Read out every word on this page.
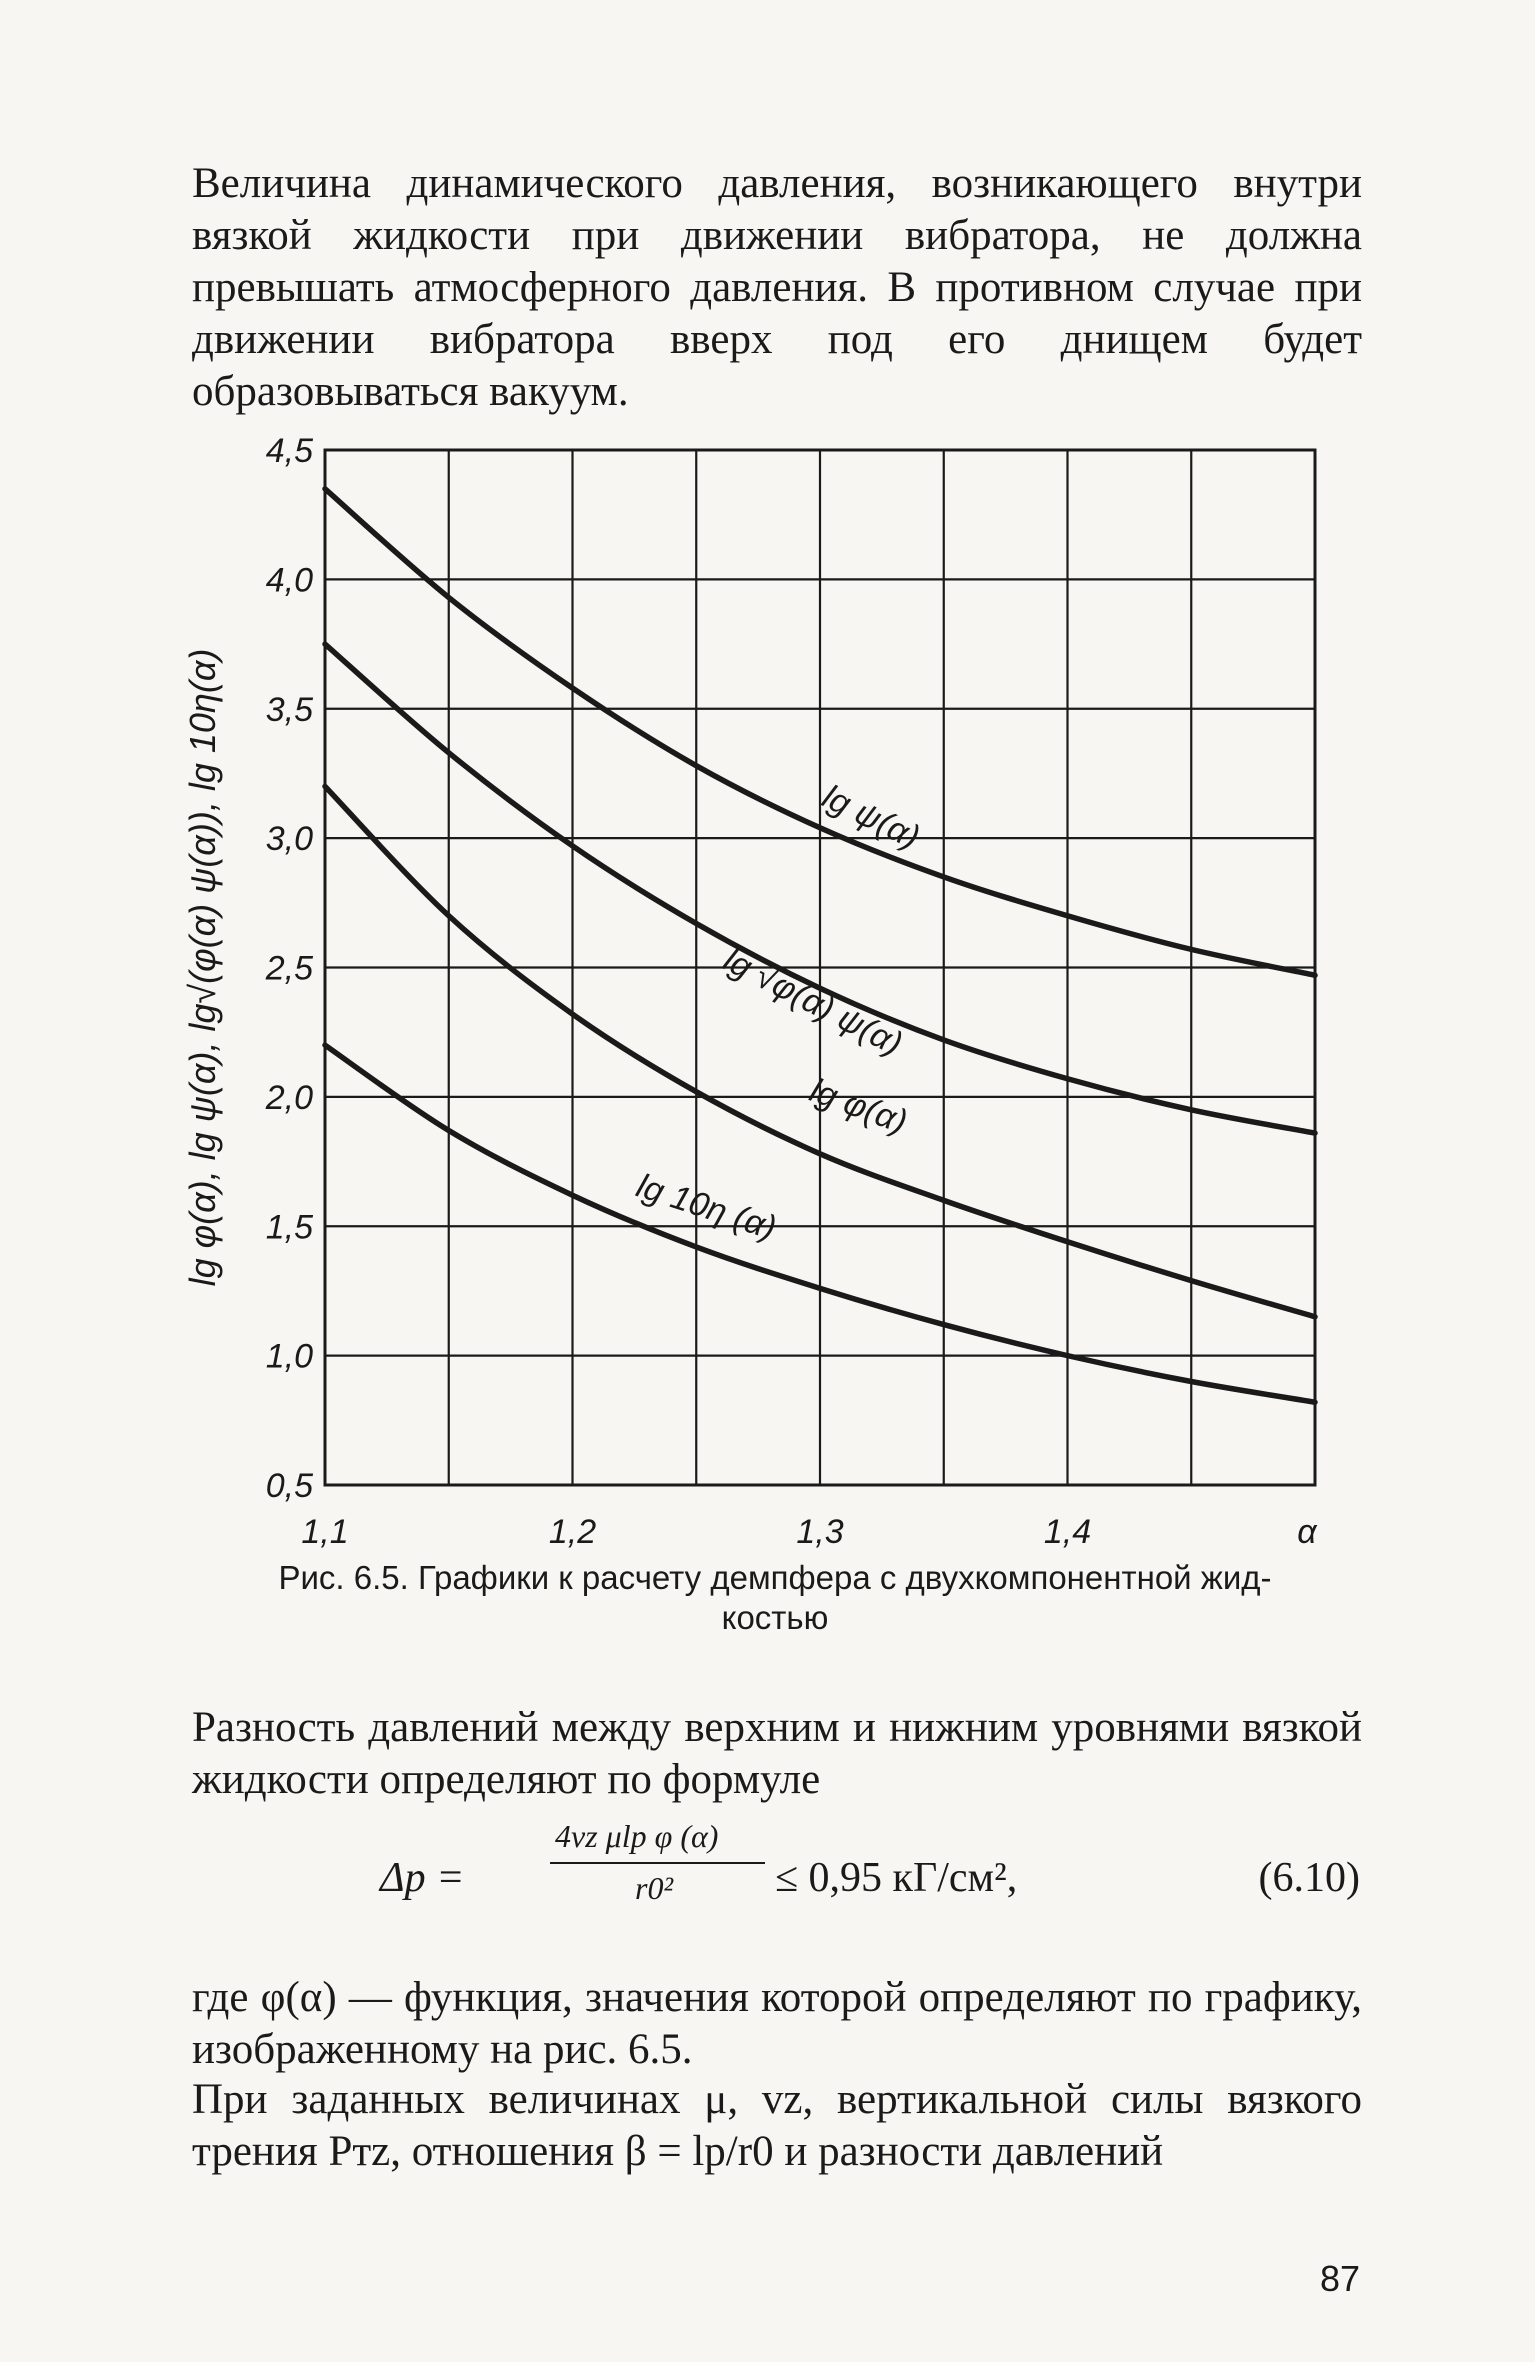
Величина динамического давления, возникающего внутри вязкой жидкости при движении вибратора, не должна превышать атмосферного давления. В противном случае при движении вибратора вверх под его днищем будет образовываться вакуум.

0,5
1,0
1,5
2,0
2,5
3,0
3,5
4,0
4,5
1,1	1,2	1,3	1,4	α
lg φ(α), lg ψ(α), lg√(φ(α) ψ(α)), lg 10η(α)	lg ψ(α)
lg √φ(α) ψ(α)
lg φ(α)
lg 10η (α)
Рис. 6.5. Графики к расчету демпфера с двухкомпонентной жид-
костью

Разность давлений между верхним и нижним уровнями вязкой жидкости определяют по формуле

Δp =
4vz μlp φ (α)
r0² ≤ 0,95 кГ/см²,	(6.10)

где φ(α) — функция, значения которой определяют по графику, изображенному на рис. 6.5.

При заданных величинах μ, vz, вертикальной силы вязкого трения Pтz, отношения β = lp/r0 и разности давлений

87
